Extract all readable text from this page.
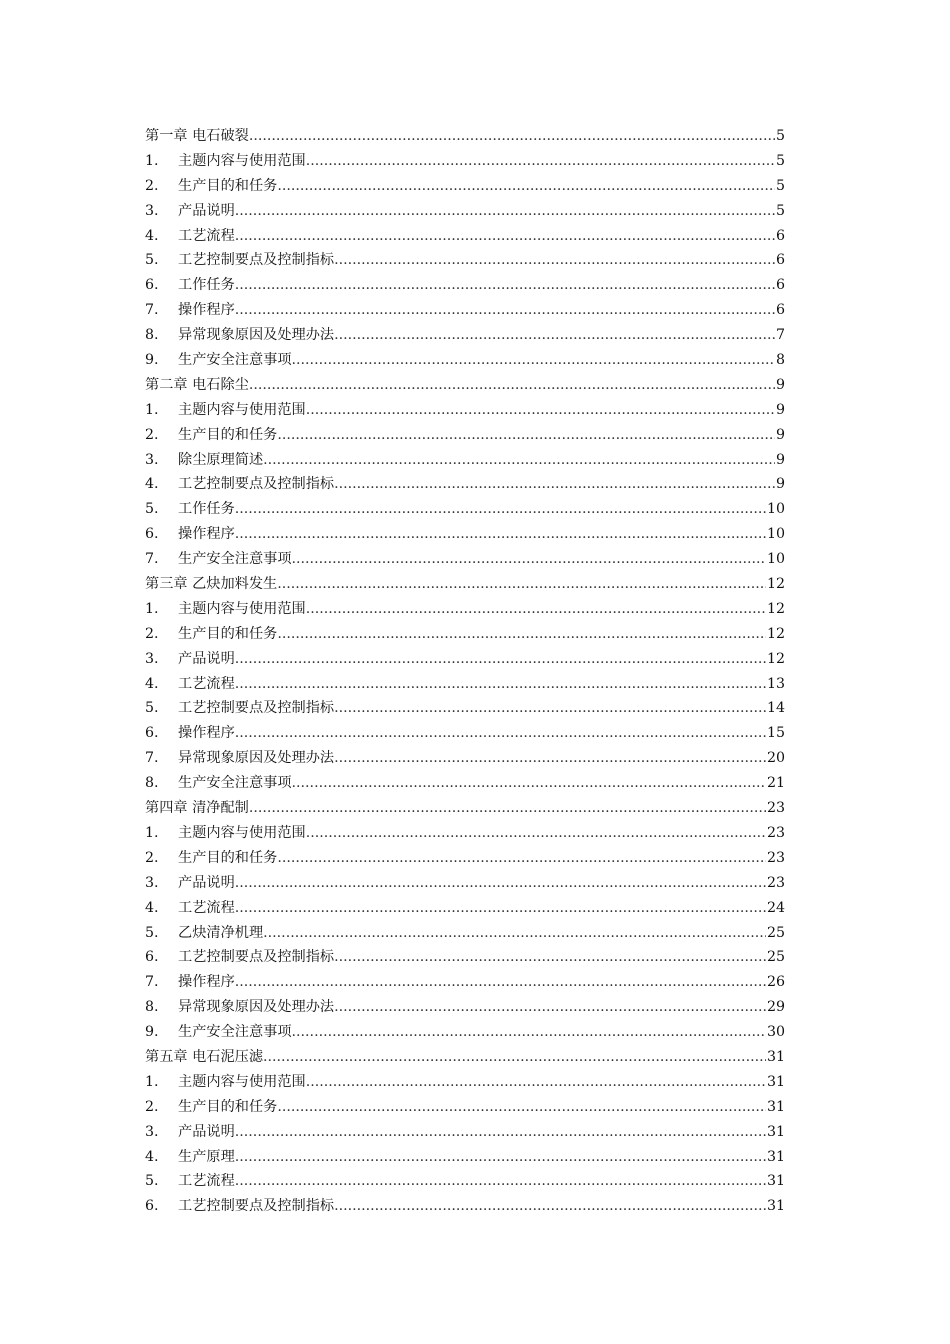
第一章 电石破裂 .....	5
1.	主题内容与使用范围 .....	5
2.	生产目的和任务 .....	5
3.	产品说明 .....	5
4.	工艺流程 .....	6
5.	工艺控制要点及控制指标 .....	6
6.	工作任务 .....	6
7.	操作程序 .....	6
8.	异常现象原因及处理办法 .....	7
9.	生产安全注意事项 .....	8
第二章 电石除尘 .....	9
1.	主题内容与使用范围 .....	9
2.	生产目的和任务 .....	9
3.	除尘原理简述 .....	9
4.	工艺控制要点及控制指标 .....	9
5.	工作任务 .....	10
6.	操作程序 .....	10
7.	生产安全注意事项 .....	10
第三章 乙炔加料发生 .....	12
1.	主题内容与使用范围 .....	12
2.	生产目的和任务 .....	12
3.	产品说明 .....	12
4.	工艺流程 .....	13
5.	工艺控制要点及控制指标 .....	14
6.	操作程序 .....	15
7.	异常现象原因及处理办法 .....	20
8.	生产安全注意事项 .....	21
第四章 清净配制 .....	23
1.	主题内容与使用范围 .....	23
2.	生产目的和任务 .....	23
3.	产品说明 .....	23
4.	工艺流程 .....	24
5.	乙炔清净机理 .....	25
6.	工艺控制要点及控制指标 .....	25
7.	操作程序 .....	26
8.	异常现象原因及处理办法 .....	29
9.	生产安全注意事项 .....	30
第五章 电石泥压滤 .....	31
1.	主题内容与使用范围 .....	31
2.	生产目的和任务 .....	31
3.	产品说明 .....	31
4.	生产原理 .....	31
5.	工艺流程 .....	31
6.	工艺控制要点及控制指标 .....	31
